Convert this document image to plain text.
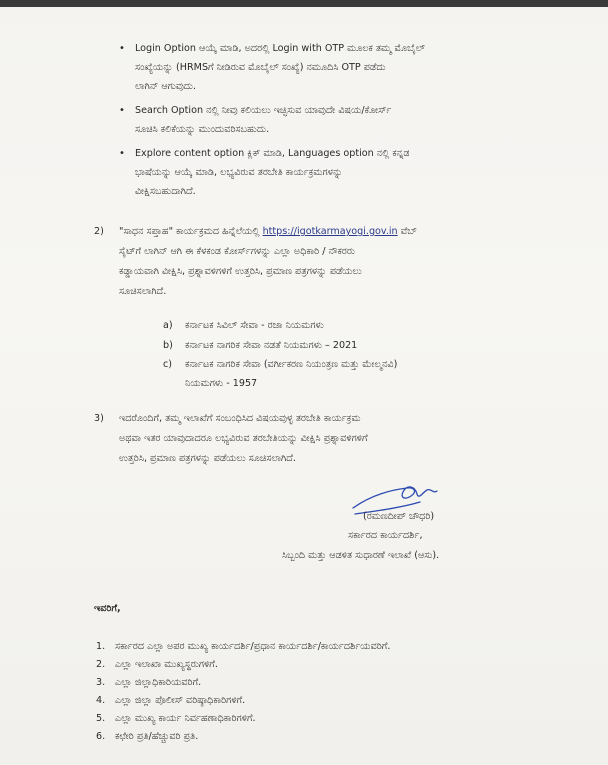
• Login Option ಆಯ್ಕೆ ಮಾಡಿ, ಅದರಲ್ಲಿ Login with OTP ಮೂಲಕ ತಮ್ಮ ಮೊಬೈಲ್
ಸಂಖ್ಯೆಯನ್ನು (HRMSಗೆ ನೀಡಿರುವ ಮೊಬೈಲ್ ಸಂಖ್ಯೆ) ನಮೂದಿಸಿ OTP ಪಡೆದು
ಲಾಗಿನ್ ಆಗುವುದು.
• Search Option ನಲ್ಲಿ ನೀವು ಕಲಿಯಲು ಇಚ್ಛಿಸುವ ಯಾವುದೇ ವಿಷಯ/ಕೋರ್ಸ್
ಸೂಚಿಸಿ ಕಲಿಕೆಯನ್ನು ಮುಂದುವರಿಸಬಹುದು.
• Explore content option ಕ್ಲಿಕ್ ಮಾಡಿ, Languages option ನಲ್ಲಿ ಕನ್ನಡ
ಭಾಷೆಯನ್ನು ಆಯ್ಕೆ ಮಾಡಿ, ಲಭ್ಯವಿರುವ ತರಬೇತಿ ಕಾರ್ಯಕ್ರಮಗಳನ್ನು
ವೀಕ್ಷಿಸಬಹುದಾಗಿದೆ.
2) "ಸಾಧನ ಸಪ್ತಾಹ" ಕಾರ್ಯಕ್ರಮದ ಹಿನ್ನೆಲೆಯಲ್ಲಿ https://igotkarmayogi.gov.in ವೆಬ್
ಸೈಟ್‌ಗೆ ಲಾಗಿನ್ ಆಗಿ ಈ ಕೆಳಕಂಡ ಕೋರ್ಸ್‌ಗಳನ್ನು ಎಲ್ಲಾ ಅಧಿಕಾರಿ / ನೌಕರರು
ಕಡ್ಡಾಯವಾಗಿ ವೀಕ್ಷಿಸಿ, ಪ್ರಶ್ನಾವಳಿಗಳಿಗೆ ಉತ್ತರಿಸಿ, ಪ್ರಮಾಣ ಪತ್ರಗಳನ್ನು ಪಡೆಯಲು
ಸೂಚಿಸಲಾಗಿದೆ.
a) ಕರ್ನಾಟಕ ಸಿವಿಲ್ ಸೇವಾ - ರಜಾ ನಿಯಮಗಳು
b) ಕರ್ನಾಟಕ ನಾಗರಿಕ ಸೇವಾ ನಡತೆ ನಿಯಮಗಳು – 2021
c) ಕರ್ನಾಟಕ ನಾಗರಿಕ ಸೇವಾ (ವರ್ಗೀಕರಣ ನಿಯಂತ್ರಣ ಮತ್ತು ಮೇಲ್ಮನವಿ)
ನಿಯಮಗಳು - 1957
3) ಇದರೊಂದಿಗೆ, ತಮ್ಮ ಇಲಾಖೆಗೆ ಸಂಬಂಧಿಸಿದ ವಿಷಯವುಳ್ಳ ತರಬೇತಿ ಕಾರ್ಯಕ್ರಮ
ಅಥವಾ ಇತರ ಯಾವುದಾದರೂ ಲಭ್ಯವಿರುವ ತರಬೇತಿಯನ್ನು ವೀಕ್ಷಿಸಿ ಪ್ರಶ್ನಾವಳಿಗಳಿಗೆ
ಉತ್ತರಿಸಿ, ಪ್ರಮಾಣ ಪತ್ರಗಳನ್ನು ಪಡೆಯಲು ಸೂಚಿಸಲಾಗಿದೆ.
(ರಮಣದೀಪ್ ಚೌಧರಿ)
ಸರ್ಕಾರದ ಕಾರ್ಯದರ್ಶಿ,
ಸಿಬ್ಬಂದಿ ಮತ್ತು ಆಡಳಿತ ಸುಧಾರಣೆ ಇಲಾಖೆ (ಆಸು).
ಇವರಿಗೆ,
1. ಸರ್ಕಾರದ ಎಲ್ಲಾ ಅಪರ ಮುಖ್ಯ ಕಾರ್ಯದರ್ಶಿ/ಪ್ರಧಾನ ಕಾರ್ಯದರ್ಶಿ/ಕಾರ್ಯದರ್ಶಿಯವರಿಗೆ.
2. ಎಲ್ಲಾ ಇಲಾಖಾ ಮುಖ್ಯಸ್ಥರುಗಳಿಗೆ.
3. ಎಲ್ಲಾ ಜಿಲ್ಲಾಧಿಕಾರಿಯವರಿಗೆ.
4. ಎಲ್ಲಾ ಜಿಲ್ಲಾ ಪೊಲೀಸ್ ವರಿಷ್ಠಾಧಿಕಾರಿಗಳಿಗೆ.
5. ಎಲ್ಲಾ ಮುಖ್ಯ ಕಾರ್ಯ ನಿರ್ವಹಣಾಧಿಕಾರಿಗಳಿಗೆ.
6. ಕಛೇರಿ ಪ್ರತಿ/ಹೆಚ್ಚುವರಿ ಪ್ರತಿ.
